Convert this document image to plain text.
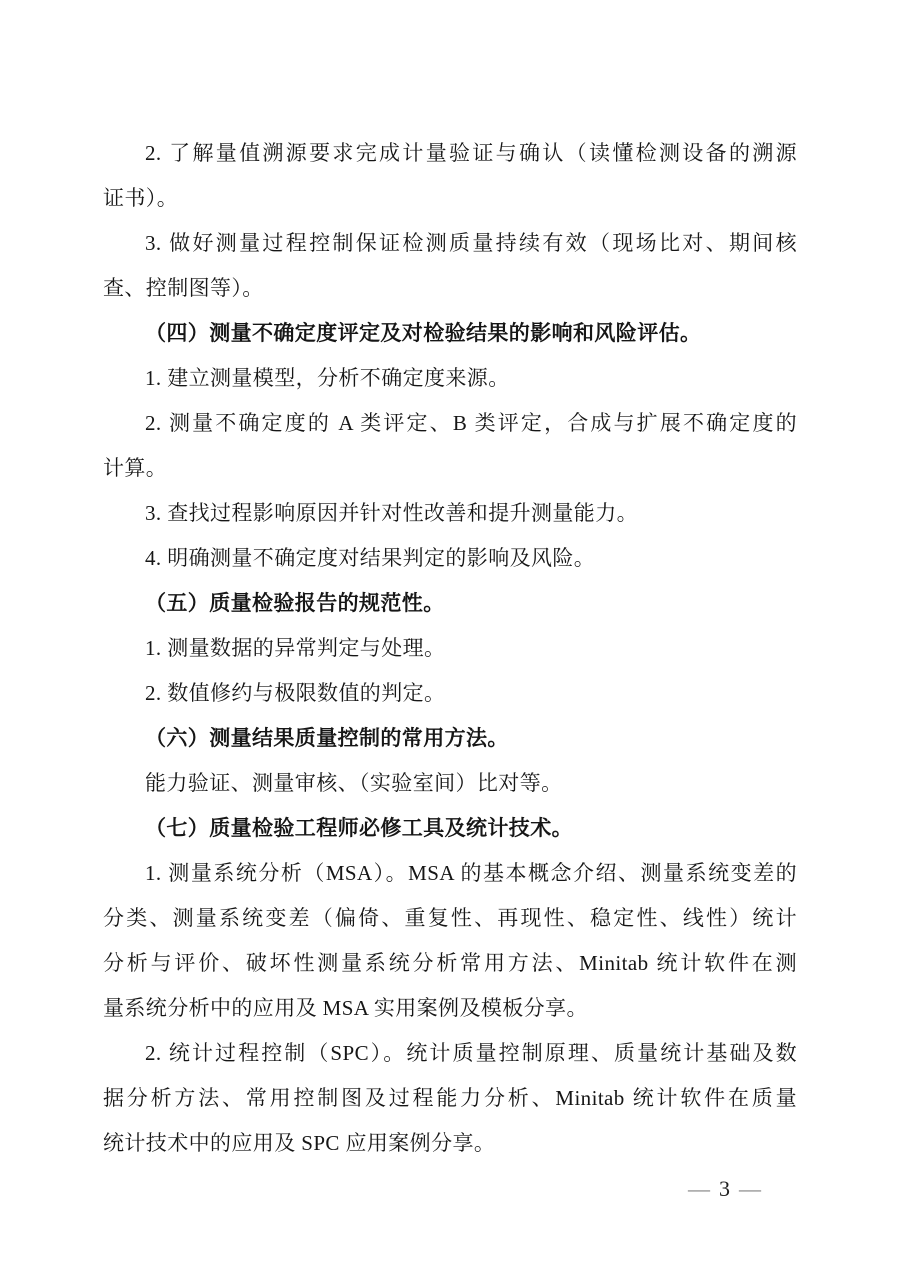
2. 了解量值溯源要求完成计量验证与确认（读懂检测设备的溯源

证书）。

3. 做好测量过程控制保证检测质量持续有效（现场比对、期间核

查、控制图等）。

（四）测量不确定度评定及对检验结果的影响和风险评估。

1. 建立测量模型，分析不确定度来源。

2. 测量不确定度的 A 类评定、B 类评定，合成与扩展不确定度的

计算。

3. 查找过程影响原因并针对性改善和提升测量能力。

4. 明确测量不确定度对结果判定的影响及风险。

（五）质量检验报告的规范性。

1. 测量数据的异常判定与处理。

2. 数值修约与极限数值的判定。

（六）测量结果质量控制的常用方法。

能力验证、测量审核、（实验室间）比对等。

（七）质量检验工程师必修工具及统计技术。

1. 测量系统分析（MSA）。MSA 的基本概念介绍、测量系统变差的

分类、测量系统变差（偏倚、重复性、再现性、稳定性、线性）统计

分析与评价、破坏性测量系统分析常用方法、Minitab 统计软件在测

量系统分析中的应用及 MSA 实用案例及模板分享。

2. 统计过程控制（SPC）。统计质量控制原理、质量统计基础及数

据分析方法、常用控制图及过程能力分析、Minitab 统计软件在质量

统计技术中的应用及 SPC 应用案例分享。

— 3 —
